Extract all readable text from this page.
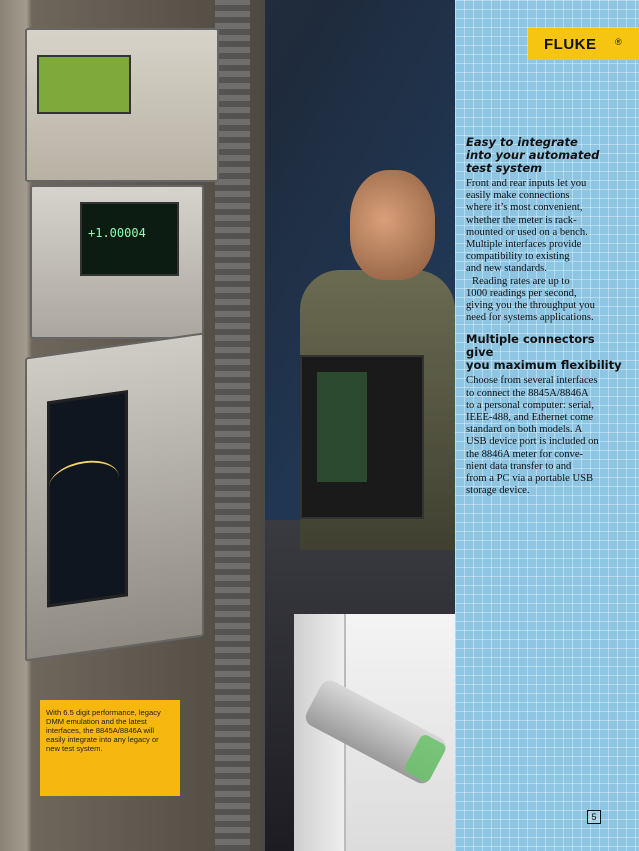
+1.00004
FLUKE ®
Easy to integrate
into your automated
test system

Front and rear inputs let you
easily make connections
where it’s most convenient,
whether the meter is rack-
mounted or used on a bench.
Multiple interfaces provide
compatibility to existing
and new standards.

Reading rates are up to
1000 readings per second,
giving you the throughput you
need for systems applications.

Multiple connectors give
you maximum flexibility

Choose from several interfaces
to connect the 8845A/8846A
to a personal computer: serial,
IEEE-488, and Ethernet come
standard on both models. A
USB device port is included on
the 8846A meter for conve-
nient data transfer to and
from a PC via a portable USB
storage device.

With 6.5 digit performance, legacy
DMM emulation and the latest
interfaces, the 8845A/8846A will
easily integrate into any legacy or
new test system.
5
